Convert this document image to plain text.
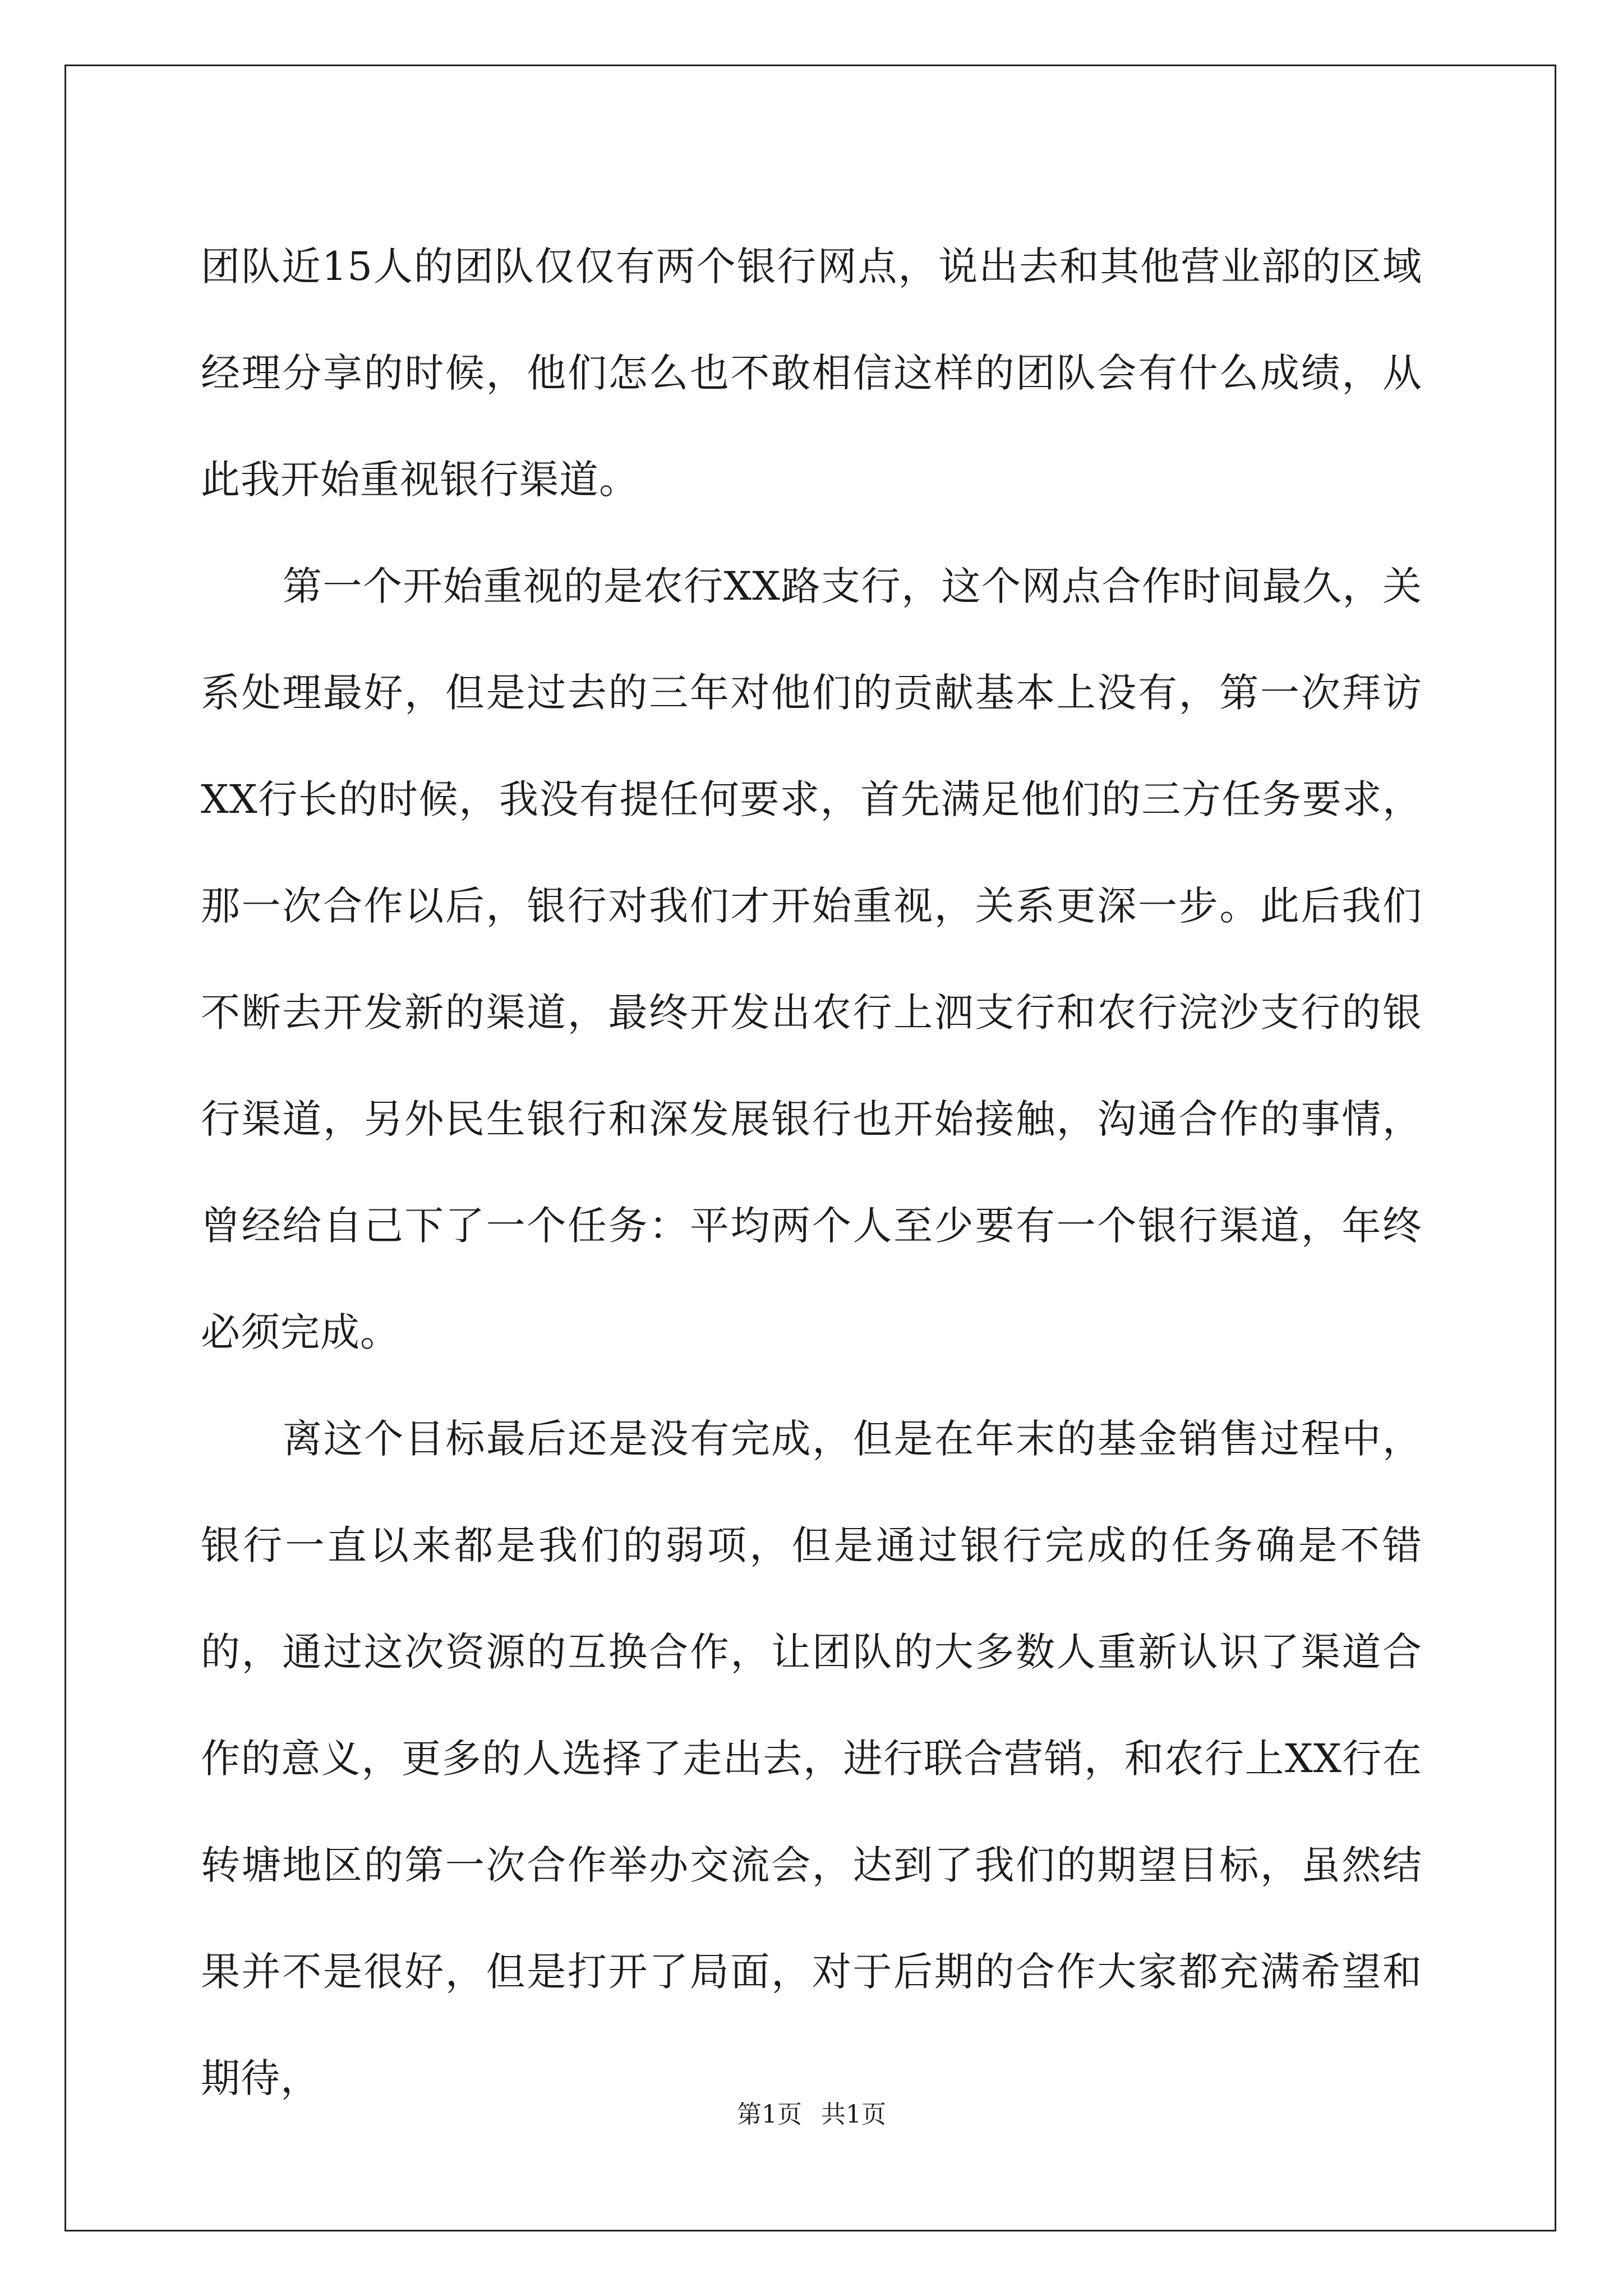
团队近15人的团队仅仅有两个银行网点，说出去和其他营业部的区域经理分享的时候，他们怎么也不敢相信这样的团队会有什么成绩，从此我开始重视银行渠道。

第一个开始重视的是农行XX路支行，这个网点合作时间最久，关系处理最好，但是过去的三年对他们的贡献基本上没有，第一次拜访XX行长的时候，我没有提任何要求，首先满足他们的三方任务要求，那一次合作以后，银行对我们才开始重视，关系更深一步。此后我们不断去开发新的渠道，最终开发出农行上泗支行和农行浣沙支行的银行渠道，另外民生银行和深发展银行也开始接触，沟通合作的事情，曾经给自己下了一个任务：平均两个人至少要有一个银行渠道，年终必须完成。

离这个目标最后还是没有完成，但是在年末的基金销售过程中，银行一直以来都是我们的弱项，但是通过银行完成的任务确是不错的，通过这次资源的互换合作，让团队的大多数人重新认识了渠道合作的意义，更多的人选择了走出去，进行联合营销，和农行上XX行在转塘地区的第一次合作举办交流会，达到了我们的期望目标，虽然结果并不是很好，但是打开了局面，对于后期的合作大家都充满希望和期待，

第1页 共1页
